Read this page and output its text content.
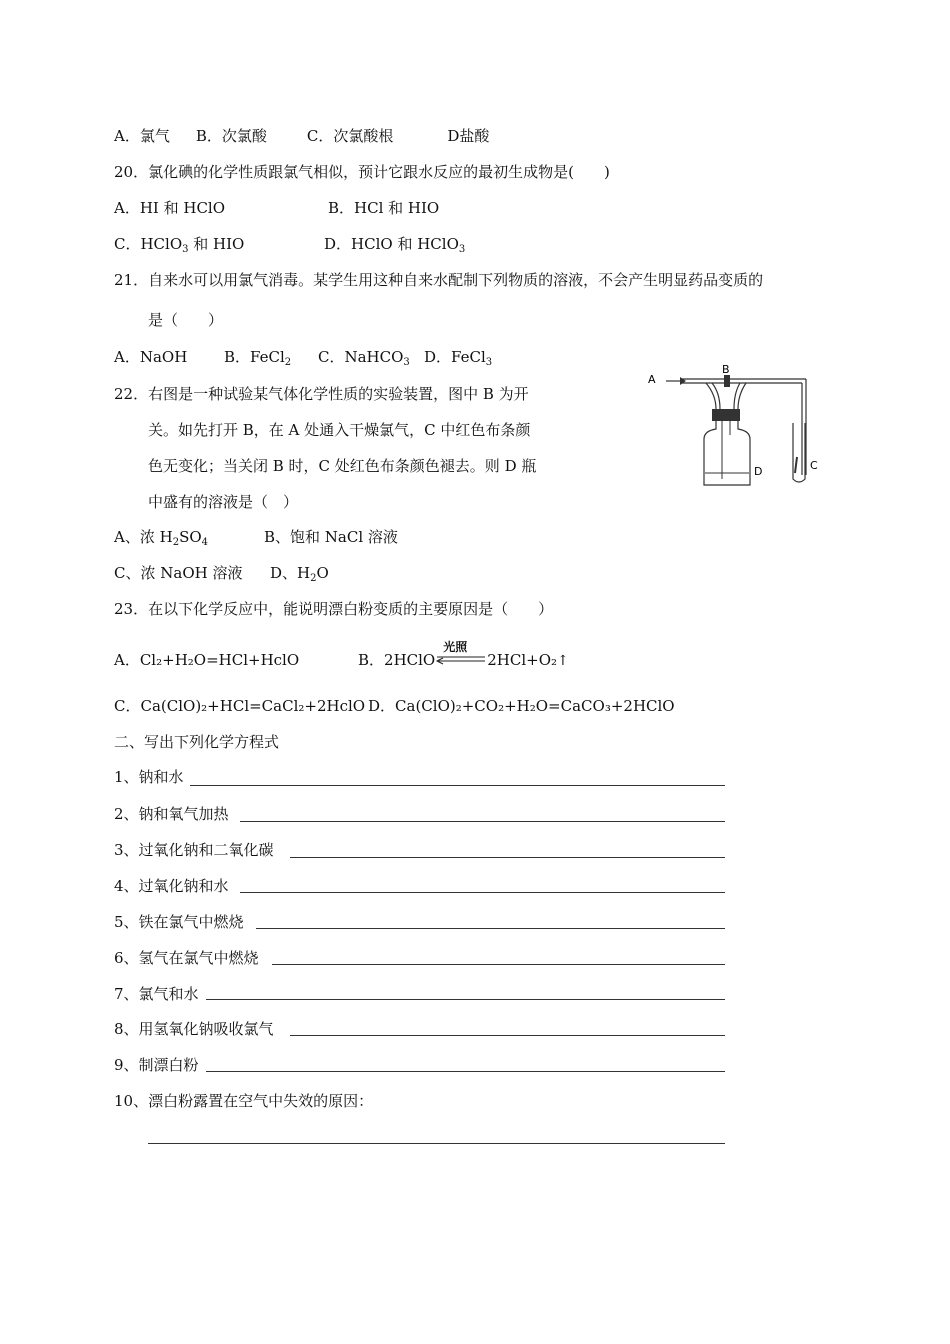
A．氯气 B．次氯酸	C．次氯酸根	D盐酸
20．氯化碘的化学性质跟氯气相似，预计它跟水反应的最初生成物是(　　)
A．HI 和 HClO	B．HCl 和 HIO
C．HClO$_3$ 和 HIO	D．HClO 和 HClO$_3$
21．自来水可以用氯气消毒。某学生用这种自来水配制下列物质的溶液，不会产生明显药品变质的
是（　　）
A．NaOH B．FeCl$_2$ C．NaHCO$_3$ D．FeCl$_3$
22．右图是一种试验某气体化学性质的实验装置，图中 B 为开
关。如先打开 B，在 A 处通入干燥氯气，C 中红色布条颜
色无变化；当关闭 B 时，C 处红色布条颜色褪去。则 D 瓶
中盛有的溶液是（　）
A、浓 $H_2SO_4$	B、饱和 NaCl 溶液
C、浓 NaOH 溶液 D、$H_2O$
A
B
C
D
23．在以下化学反应中，能说明漂白粉变质的主要原因是（　　）
A．Cl₂+H₂O=HCl+HclO	B．2HClO
光照
2HCl+O₂↑
C．Ca(ClO)₂+HCl=CaCl₂+2HclO D．Ca(ClO)₂+CO₂+H₂O=CaCO₃+2HClO
二、写出下列化学方程式
1、钠和水
2、钠和氧气加热
3、过氧化钠和二氧化碳
4、过氧化钠和水
5、铁在氯气中燃烧
6、氢气在氯气中燃烧
7、氯气和水
8、用氢氧化钠吸收氯气
9、制漂白粉
10、漂白粉露置在空气中失效的原因：
